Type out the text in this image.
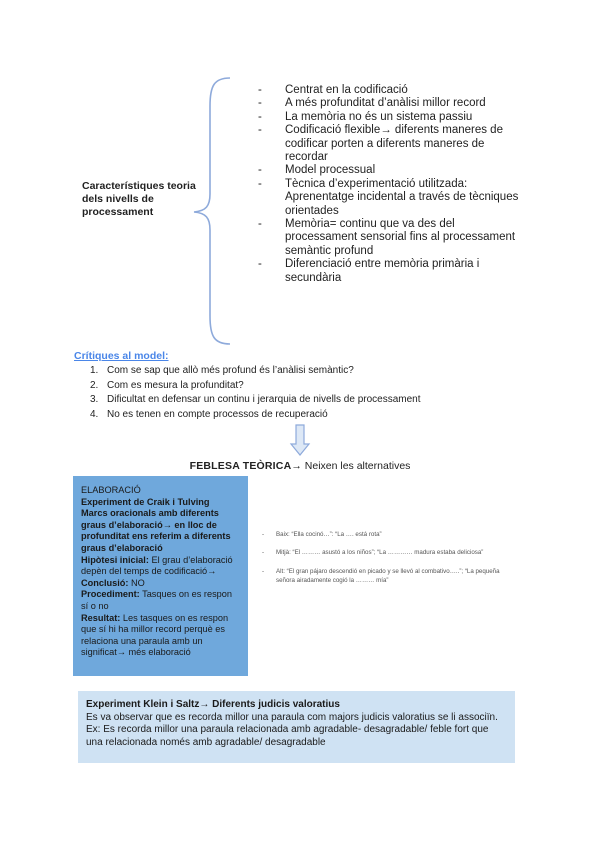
Característiques teoria dels nivells de processament
- Centrat en la codificació
- A més profunditat d’anàlisi millor record
- La memòria no és un sistema passiu
- Codificació flexible→ diferents maneres de codificar porten a diferents maneres de recordar
- Model processual
- Tècnica d’experimentació utilitzada: Aprenentatge incidental a través de tècniques orientades
- Memòria= continu que va des del processament sensorial fins al processament semàntic profund
- Diferenciació entre memòria primària i secundària
Crítiques al model:
1. Com se sap que allò més profund és l’anàlisi semàntic?
2. Com es mesura la profunditat?
3. Dificultat en defensar un continu i jerarquia de nivells de processament
4. No es tenen en compte processos de recuperació
FEBLESA TEÒRICA→ Neixen les alternatives
ELABORACIÓ
Experiment de Craik i Tulving
Marcs oracionals amb diferents graus d’elaboració→ en lloc de profunditat ens referim a diferents graus d’elaboració
Hipòtesi inicial: El grau d’elaboració depèn del temps de codificació→
Conclusió: NO
Procediment: Tasques on es respon sí o no
Resultat: Les tasques on es respon que sí hi ha millor record perquè es relaciona una paraula amb un significat→ més elaboració
- Baix: “Ella cocinó…”: “La …. está rota”
- Mitjà: “El ……… asustó a los niños”; “La ………… madura estaba deliciosa”
- Alt: “El gran pájaro descendió en picado y se llevó al combativo…..”; “La pequeña señora airadamente cogió la ……… mía”
Experiment Klein i Saltz→ Diferents judicis valoratius
Es va observar que es recorda millor una paraula com majors judicis valoratius se li associïn.
Ex: Es recorda millor una paraula relacionada amb agradable- desagradable/ feble fort que una relacionada només amb agradable/ desagradable
